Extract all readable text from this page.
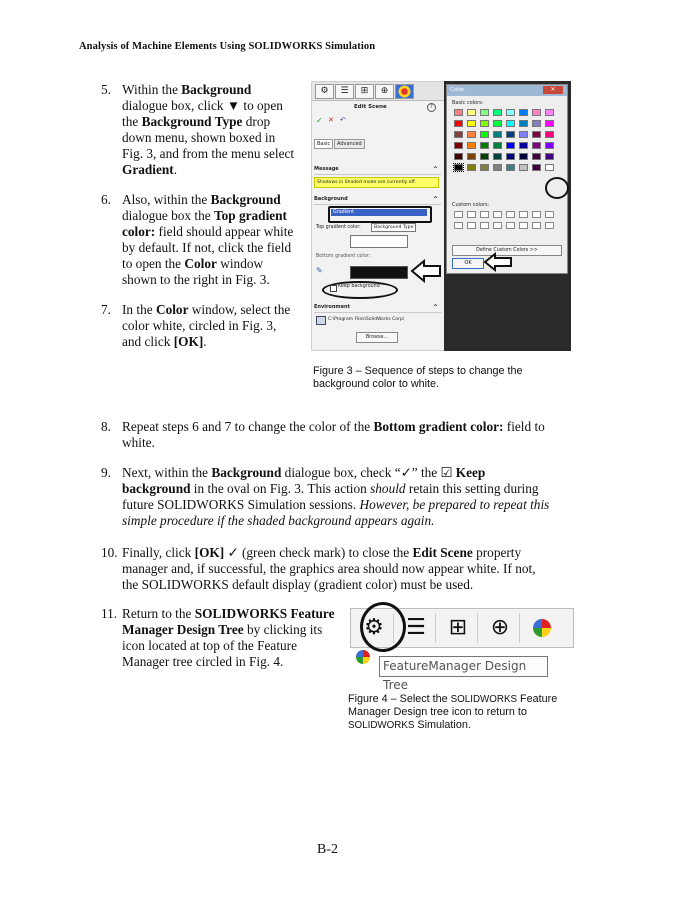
Analysis of Machine Elements Using SOLIDWORKS Simulation
5. Within the Background
dialogue box, click ▼ to open
the Background Type drop
down menu, shown boxed in
Fig. 3, and from the menu select
Gradient.
6. Also, within the Background
dialogue box the Top gradient
color: field should appear white
by default. If not, click the field
to open the Color window
shown to the right in Fig. 3.
7. In the Color window, select the
color white, circled in Fig. 3,
and click [OK].
⚙	☰	⊞	⊕
Edit Scene	?
✓ ✕ ↶
Basic	Advanced
Message	^
Shadows in Shaded mode are currently off.
Background	^
Gradient
Top gradient color:	Background Type
Bottom gradient color:
✎
Keep background
Environment	^
C:\Program Files\SolidWorks Corp\
Browse...
Color	✕
Basic colors:
Custom colors:
Define Custom Colors >>
OK
Figure 3 – Sequence of steps to change the
background color to white.
8. Repeat steps 6 and 7 to change the color of the Bottom gradient color: field to
white.
9. Next, within the Background dialogue box, check “✓” the ☑ Keep
background in the oval on Fig. 3. This action should retain this setting during
future SOLIDWORKS Simulation sessions. However, be prepared to repeat this
simple procedure if the shaded background appears again.
10. Finally, click [OK] ✓ (green check mark) to close the Edit Scene property
manager and, if successful, the graphics area should now appear white. If not,
the SOLIDWORKS default display (gradient color) must be used.
11. Return to the SOLIDWORKS Feature
Manager Design Tree by clicking its
icon located at top of the Feature
Manager tree circled in Fig. 4.
⚙	☰	⊞	⊕
FeatureManager Design Tree
Figure 4 – Select the SOLIDWORKS Feature
Manager Design tree icon to return to
SOLIDWORKS Simulation.
B-2
